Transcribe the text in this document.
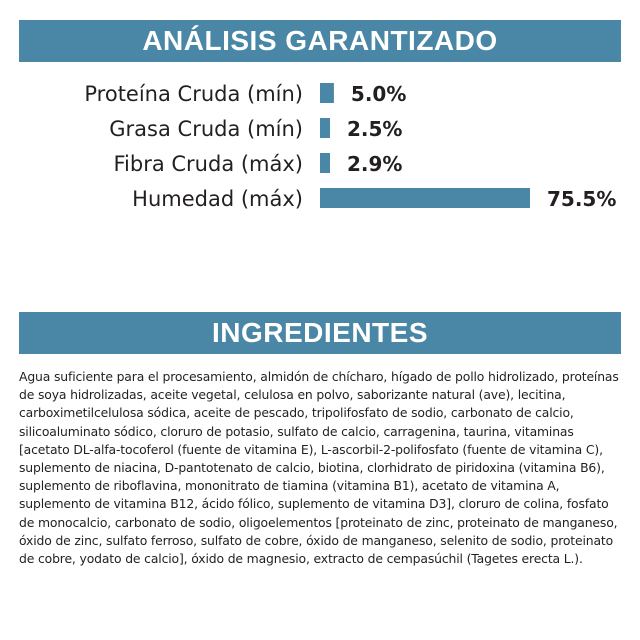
ANÁLISIS GARANTIZADO
Proteína Cruda (mín) 5.0%
Grasa Cruda (mín) 2.5%
Fibra Cruda (máx) 2.9%
Humedad (máx)	75.5%
INGREDIENTES
Agua suficiente para el procesamiento, almidón de chícharo, hígado de pollo hidrolizado, proteínas de soya hidrolizadas, aceite vegetal, celulosa en polvo, saborizante natural (ave), lecitina, carboximetilcelulosa sódica, aceite de pescado, tripolifosfato de sodio, carbonato de calcio, silicoaluminato sódico, cloruro de potasio, sulfato de calcio, carragenina, taurina, vitaminas [acetato DL-alfa-tocoferol (fuente de vitamina E), L-ascorbil-2-polifosfato (fuente de vitamina C), suplemento de niacina, D-pantotenato de calcio, biotina, clorhidrato de piridoxina (vitamina B6), suplemento de riboflavina, mononitrato de tiamina (vitamina B1), acetato de vitamina A, suplemento de vitamina B12, ácido fólico, suplemento de vitamina D3], cloruro de colina, fosfato de monocalcio, carbonato de sodio, oligoelementos [proteinato de zinc, proteinato de manganeso, óxido de zinc, sulfato ferroso, sulfato de cobre, óxido de manganeso, selenito de sodio, proteinato de cobre, yodato de calcio], óxido de magnesio, extracto de cempasúchil (Tagetes erecta L.).
